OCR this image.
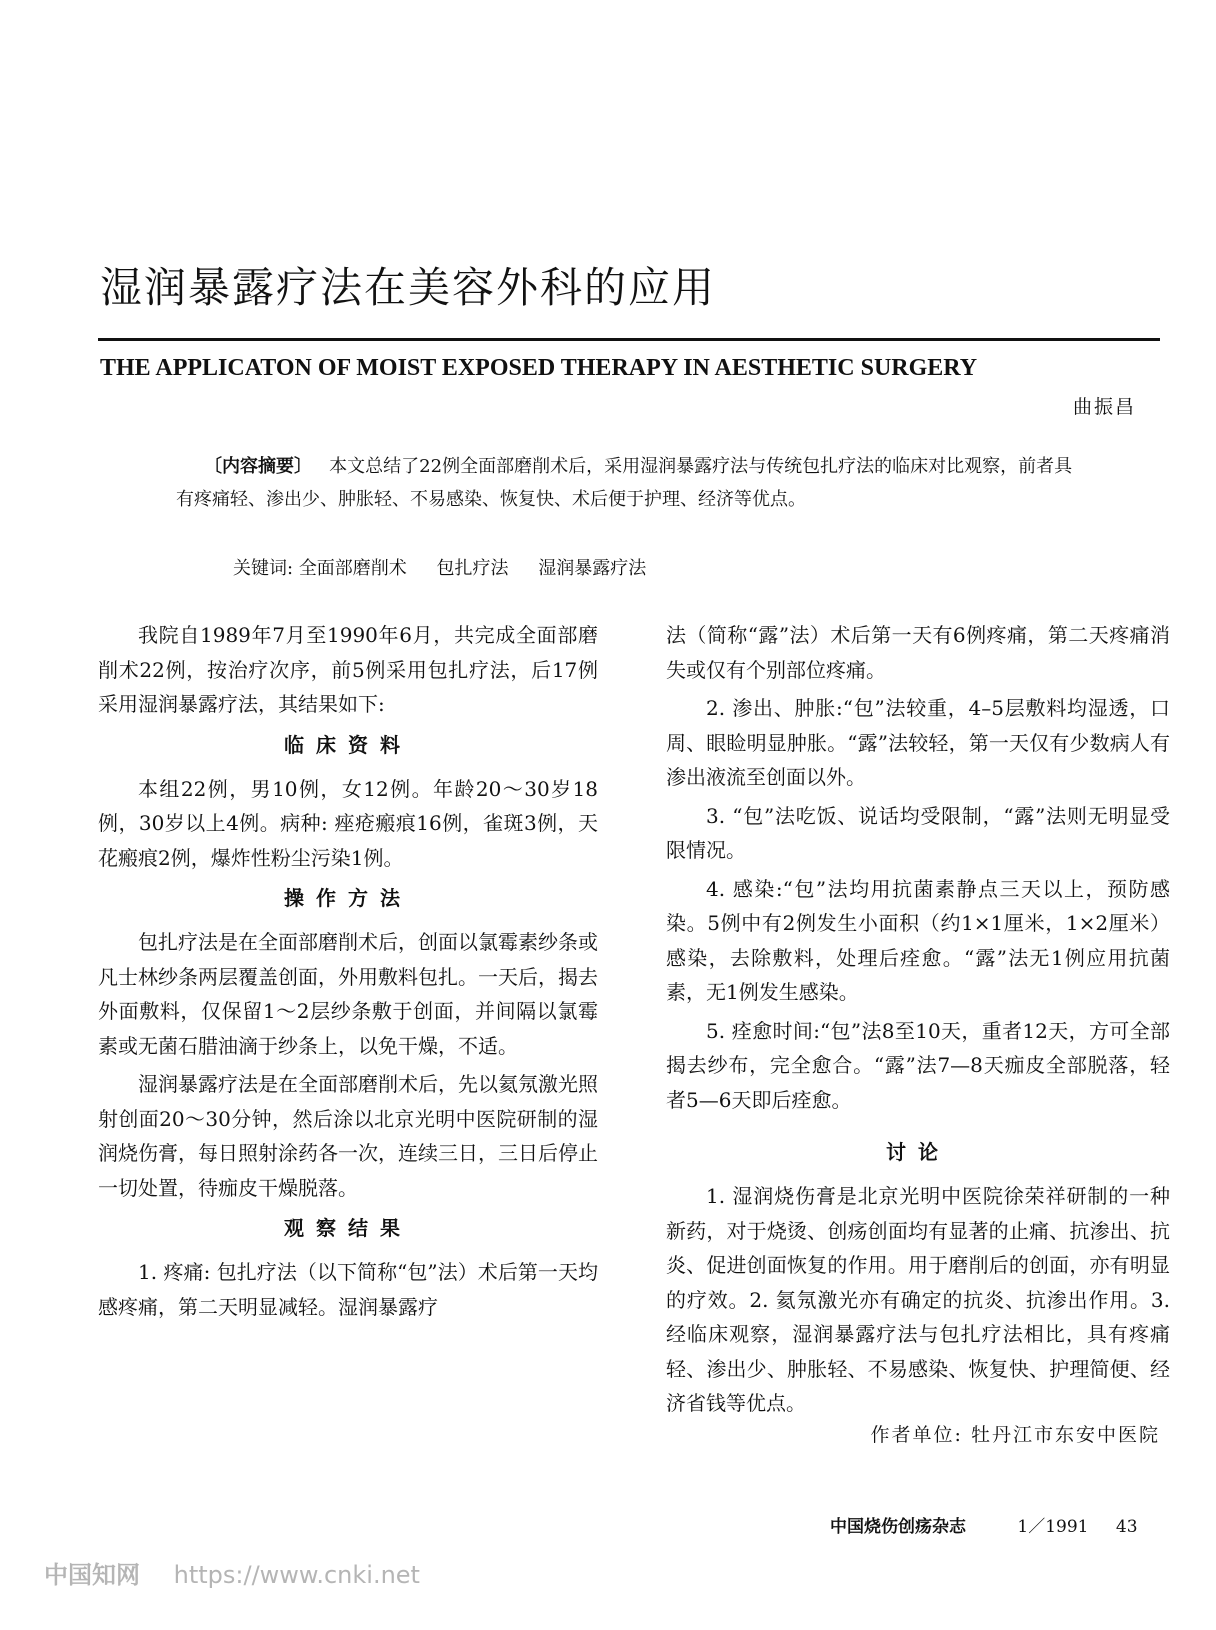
湿润暴露疗法在美容外科的应用
THE APPLICATON OF MOIST EXPOSED THERAPY IN AESTHETIC SURGERY
曲振昌

〔内容摘要〕 本文总结了22例全面部磨削术后，采用湿润暴露疗法与传统包扎疗法的临床对比观察，前者具有疼痛轻、渗出少、肿胀轻、不易感染、恢复快、术后便于护理、经济等优点。

关键词: 全面部磨削术 包扎疗法 湿润暴露疗法

我院自1989年7月至1990年6月，共完成全面部磨削术22例，按治疗次序，前5例采用包扎疗法，后17例采用湿润暴露疗法，其结果如下:

临床资料

本组22例，男10例，女12例。年龄20～30岁18例，30岁以上4例。病种: 痤疮瘢痕16例，雀斑3例，天花瘢痕2例，爆炸性粉尘污染1例。

操作方法

包扎疗法是在全面部磨削术后，创面以氯霉素纱条或凡士林纱条两层覆盖创面，外用敷料包扎。一天后，揭去外面敷料，仅保留1～2层纱条敷于创面，并间隔以氯霉素或无菌石腊油滴于纱条上，以免干燥，不适。

湿润暴露疗法是在全面部磨削术后，先以氦氖激光照射创面20～30分钟，然后涂以北京光明中医院研制的湿润烧伤膏，每日照射涂药各一次，连续三日，三日后停止一切处置，待痂皮干燥脱落。

观察结果

1. 疼痛: 包扎疗法（以下简称“包”法）术后第一天均感疼痛，第二天明显减轻。湿润暴露疗

法（简称“露”法）术后第一天有6例疼痛，第二天疼痛消失或仅有个别部位疼痛。

2. 渗出、肿胀:“包”法较重，4–5层敷料均湿透，口周、眼睑明显肿胀。“露”法较轻，第一天仅有少数病人有渗出液流至创面以外。

3. “包”法吃饭、说话均受限制，“露”法则无明显受限情况。

4. 感染:“包”法均用抗菌素静点三天以上，预防感染。5例中有2例发生小面积（约1×1厘米，1×2厘米）感染，去除敷料，处理后痊愈。“露”法无1例应用抗菌素，无1例发生感染。

5. 痊愈时间:“包”法8至10天，重者12天，方可全部揭去纱布，完全愈合。“露”法7—8天痂皮全部脱落，轻者5—6天即后痊愈。

讨论

1. 湿润烧伤膏是北京光明中医院徐荣祥研制的一种新药，对于烧烫、创疡创面均有显著的止痛、抗渗出、抗炎、促进创面恢复的作用。用于磨削后的创面，亦有明显的疗效。2. 氦氖激光亦有确定的抗炎、抗渗出作用。3. 经临床观察，湿润暴露疗法与包扎疗法相比，具有疼痛轻、渗出少、肿胀轻、不易感染、恢复快、护理简便、经济省钱等优点。

作者单位: 牡丹江市东安中医院
中国烧伤创疡杂志	1／1991 43
中国知网 https://www.cnki.net
